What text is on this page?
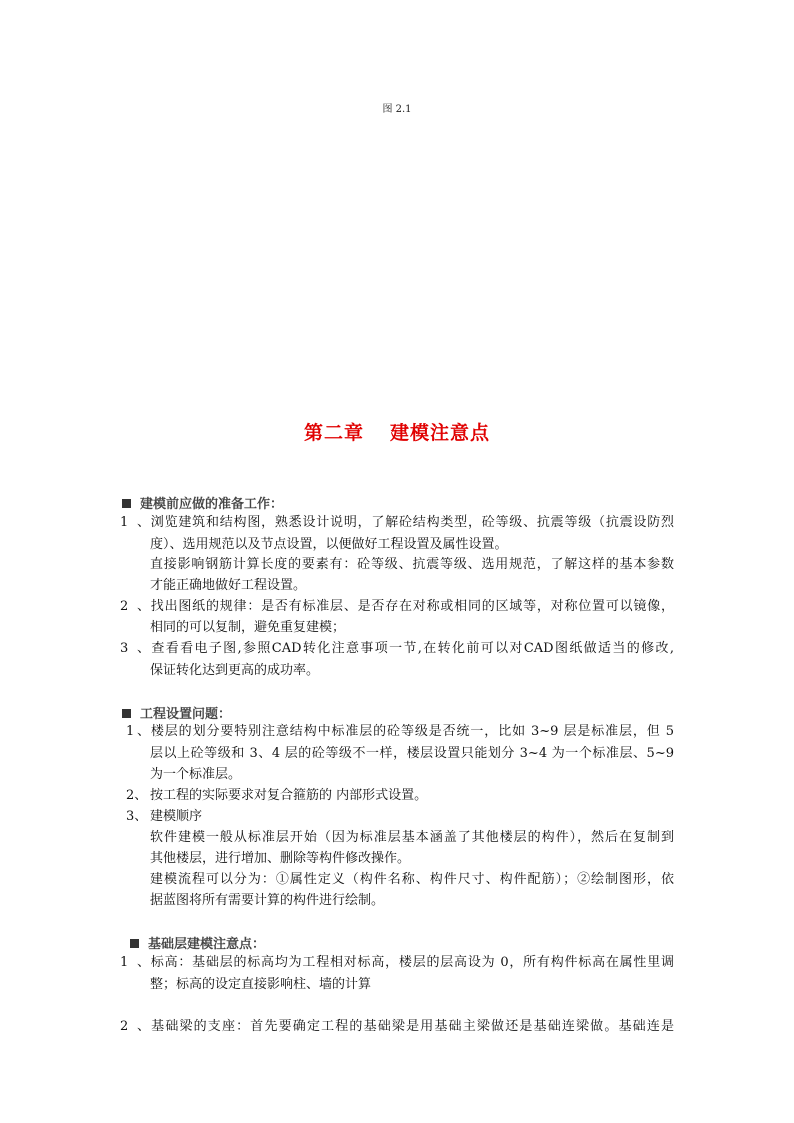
图 2.1
第二章 建模注意点
建模前应做的准备工作：
1、浏览建筑和结构图，熟悉设计说明，了解砼结构类型，砼等级、抗震等级（抗震设防烈
度）、选用规范以及节点设置，以便做好工程设置及属性设置。
直接影响钢筋计算长度的要素有：砼等级、抗震等级、选用规范，了解这样的基本参数
才能正确地做好工程设置。
2、找出图纸的规律：是否有标准层、是否存在对称或相同的区域等，对称位置可以镜像，
相同的可以复制，避免重复建模；
3、查看看电子图,参照CAD转化注意事项一节,在转化前可以对CAD图纸做适当的修改,
保证转化达到更高的成功率。
工程设置问题：
1、楼层的划分要特别注意结构中标准层的砼等级是否统一，比如 3~9 层是标准层，但 5
层以上砼等级和 3、4 层的砼等级不一样，楼层设置只能划分 3~4 为一个标准层、5~9
为一个标准层。
2、 按工程的实际要求对复合箍筋的 内部形式设置。
3、 建模顺序
软件建模一般从标准层开始（因为标准层基本涵盖了其他楼层的构件），然后在复制到
其他楼层，进行增加、删除等构件修改操作。
建模流程可以分为：①属性定义（构件名称、构件尺寸、构件配筋）；②绘制图形，依
据蓝图将所有需要计算的构件进行绘制。
基础层建模注意点：
1、标高：基础层的标高均为工程相对标高，楼层的层高设为 0，所有构件标高在属性里调
整；标高的设定直接影响柱、墙的计算
2、基础梁的支座：首先要确定工程的基础梁是用基础主梁做还是基础连梁做。基础连是
